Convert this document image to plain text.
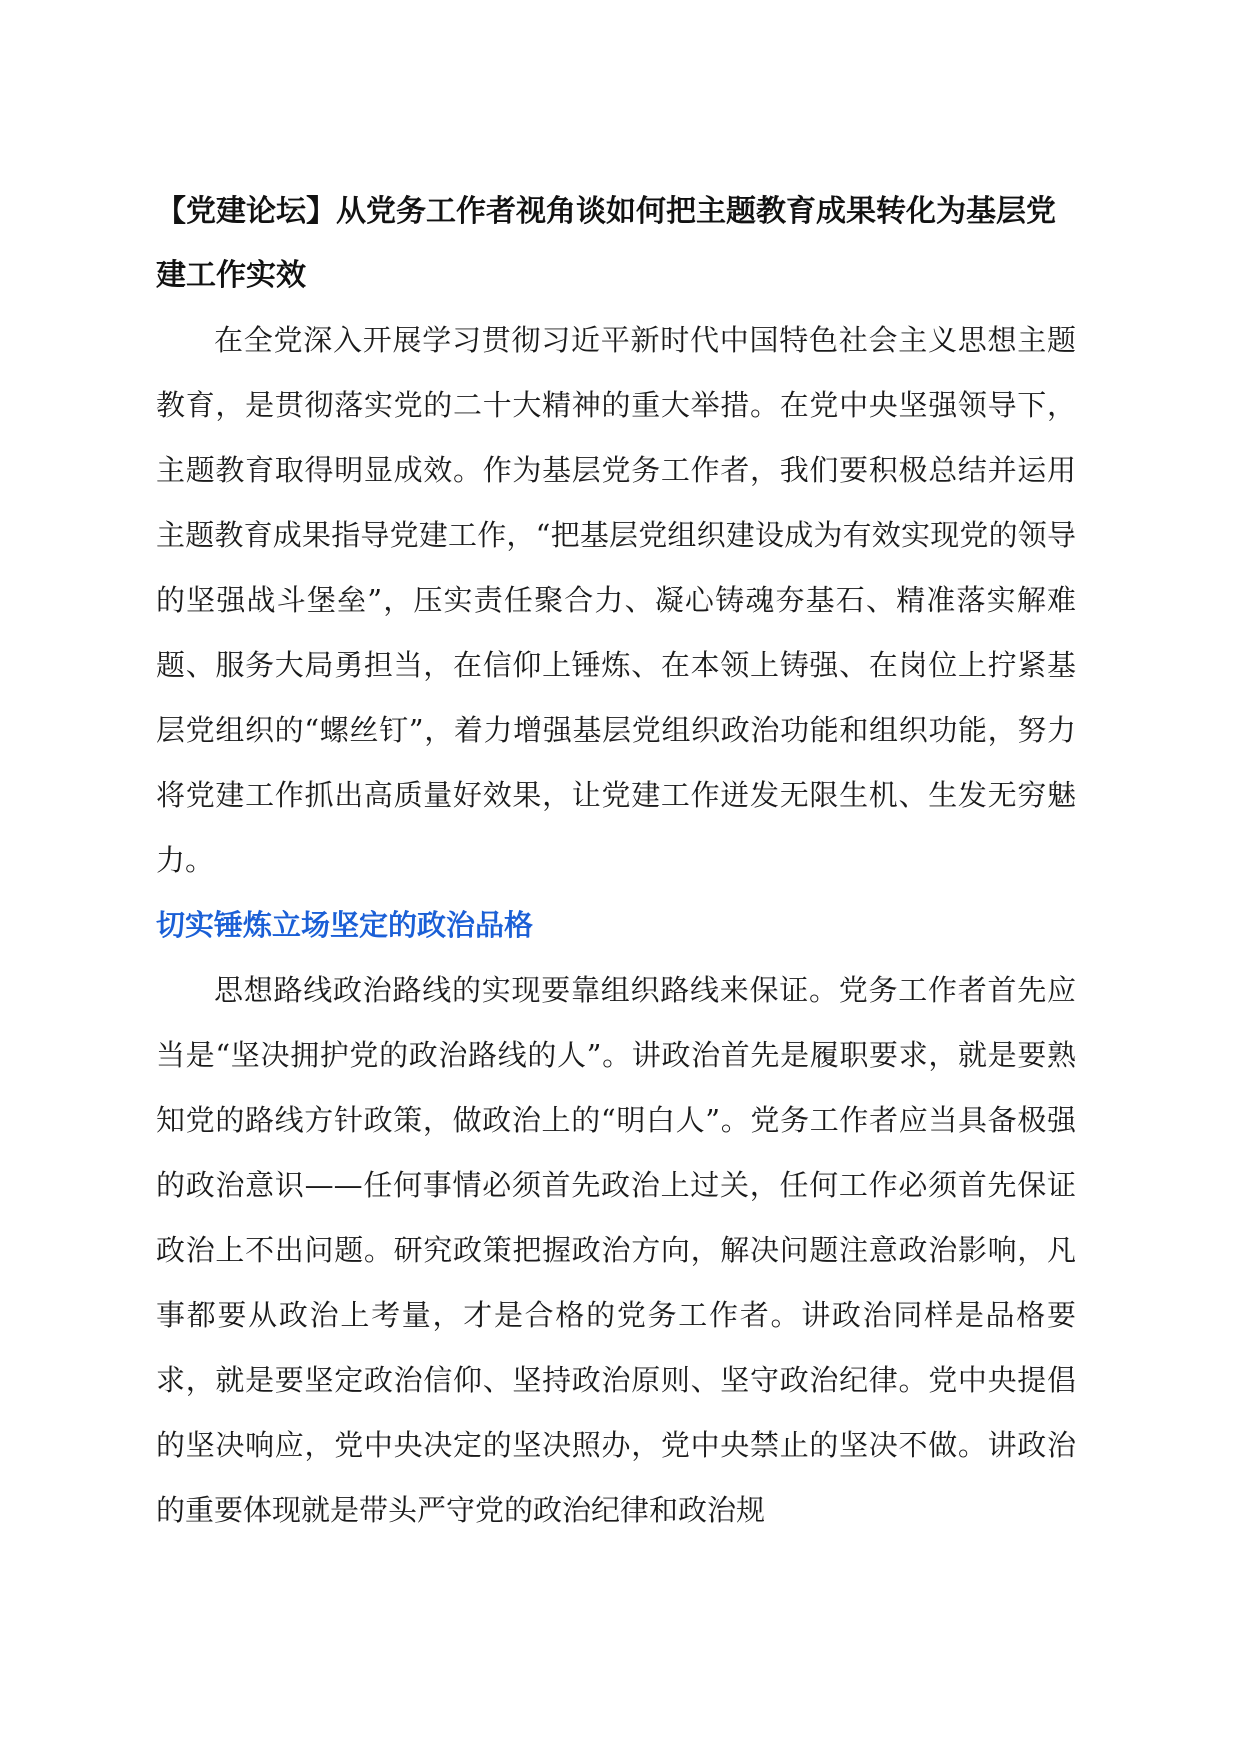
【党建论坛】从党务工作者视角谈如何把主题教育成果转化为基层党建工作实效

在全党深入开展学习贯彻习近平新时代中国特色社会主义思想主题教育，是贯彻落实党的二十大精神的重大举措。在党中央坚强领导下，主题教育取得明显成效。作为基层党务工作者，我们要积极总结并运用主题教育成果指导党建工作，“把基层党组织建设成为有效实现党的领导的坚强战斗堡垒”，压实责任聚合力、凝心铸魂夯基石、精准落实解难题、服务大局勇担当，在信仰上锤炼、在本领上铸强、在岗位上拧紧基层党组织的“螺丝钉”，着力增强基层党组织政治功能和组织功能，努力将党建工作抓出高质量好效果，让党建工作迸发无限生机、生发无穷魅力。

切实锤炼立场坚定的政治品格

思想路线政治路线的实现要靠组织路线来保证。党务工作者首先应当是“坚决拥护党的政治路线的人”。讲政治首先是履职要求，就是要熟知党的路线方针政策，做政治上的“明白人”。党务工作者应当具备极强的政治意识——任何事情必须首先政治上过关，任何工作必须首先保证政治上不出问题。研究政策把握政治方向，解决问题注意政治影响，凡事都要从政治上考量，才是合格的党务工作者。讲政治同样是品格要求，就是要坚定政治信仰、坚持政治原则、坚守政治纪律。党中央提倡的坚决响应，党中央决定的坚决照办，党中央禁止的坚决不做。讲政治的重要体现就是带头严守党的政治纪律和政治规
